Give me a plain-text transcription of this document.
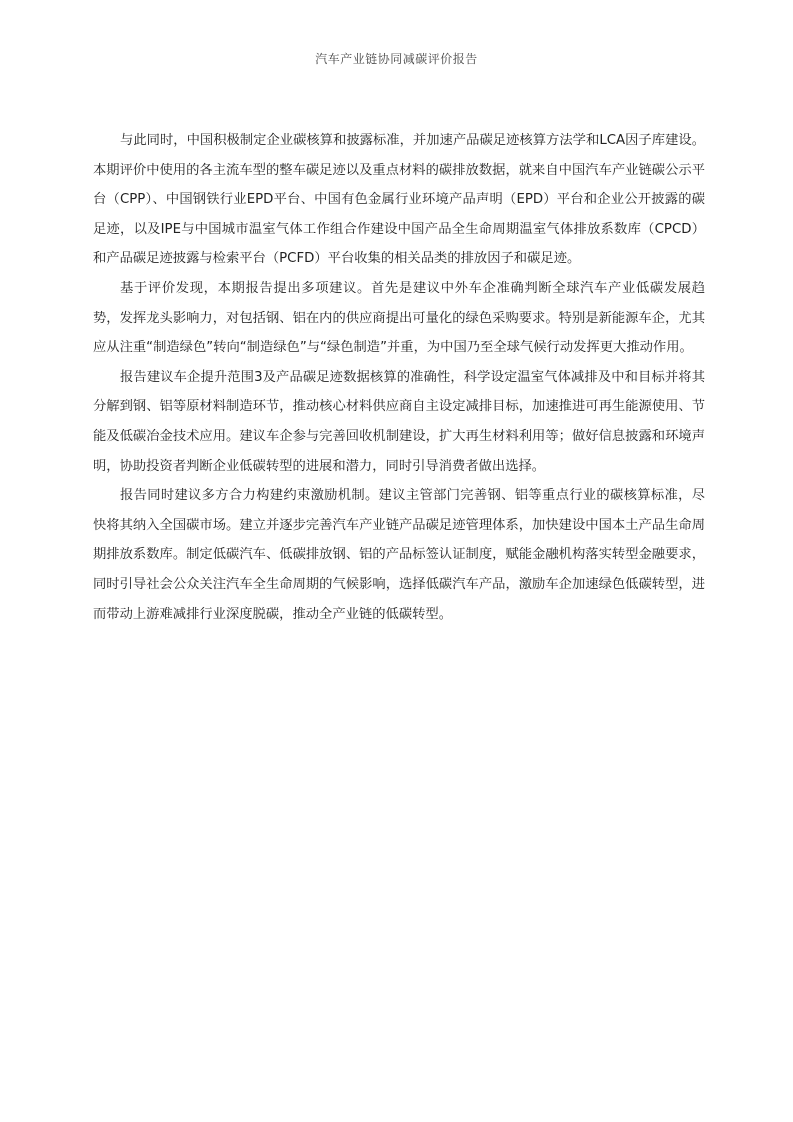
汽车产业链协同减碳评价报告

与此同时，中国积极制定企业碳核算和披露标准，并加速产品碳足迹核算方法学和LCA因子库建设。本期评价中使用的各主流车型的整车碳足迹以及重点材料的碳排放数据，就来自中国汽车产业链碳公示平台（CPP）、中国钢铁行业EPD平台、中国有色金属行业环境产品声明（EPD）平台和企业公开披露的碳足迹，以及IPE与中国城市温室气体工作组合作建设中国产品全生命周期温室气体排放系数库（CPCD）和产品碳足迹披露与检索平台（PCFD）平台收集的相关品类的排放因子和碳足迹。

基于评价发现，本期报告提出多项建议。首先是建议中外车企准确判断全球汽车产业低碳发展趋势，发挥龙头影响力，对包括钢、铝在内的供应商提出可量化的绿色采购要求。特别是新能源车企，尤其应从注重“制造绿色”转向“制造绿色”与“绿色制造”并重，为中国乃至全球气候行动发挥更大推动作用。

报告建议车企提升范围3及产品碳足迹数据核算的准确性，科学设定温室气体减排及中和目标并将其分解到钢、铝等原材料制造环节，推动核心材料供应商自主设定减排目标，加速推进可再生能源使用、节能及低碳冶金技术应用。建议车企参与完善回收机制建设，扩大再生材料利用等；做好信息披露和环境声明，协助投资者判断企业低碳转型的进展和潜力，同时引导消费者做出选择。

报告同时建议多方合力构建约束激励机制。建议主管部门完善钢、铝等重点行业的碳核算标准，尽快将其纳入全国碳市场。建立并逐步完善汽车产业链产品碳足迹管理体系，加快建设中国本土产品生命周期排放系数库。制定低碳汽车、低碳排放钢、铝的产品标签认证制度，赋能金融机构落实转型金融要求，同时引导社会公众关注汽车全生命周期的气候影响，选择低碳汽车产品，激励车企加速绿色低碳转型，进而带动上游难减排行业深度脱碳，推动全产业链的低碳转型。
